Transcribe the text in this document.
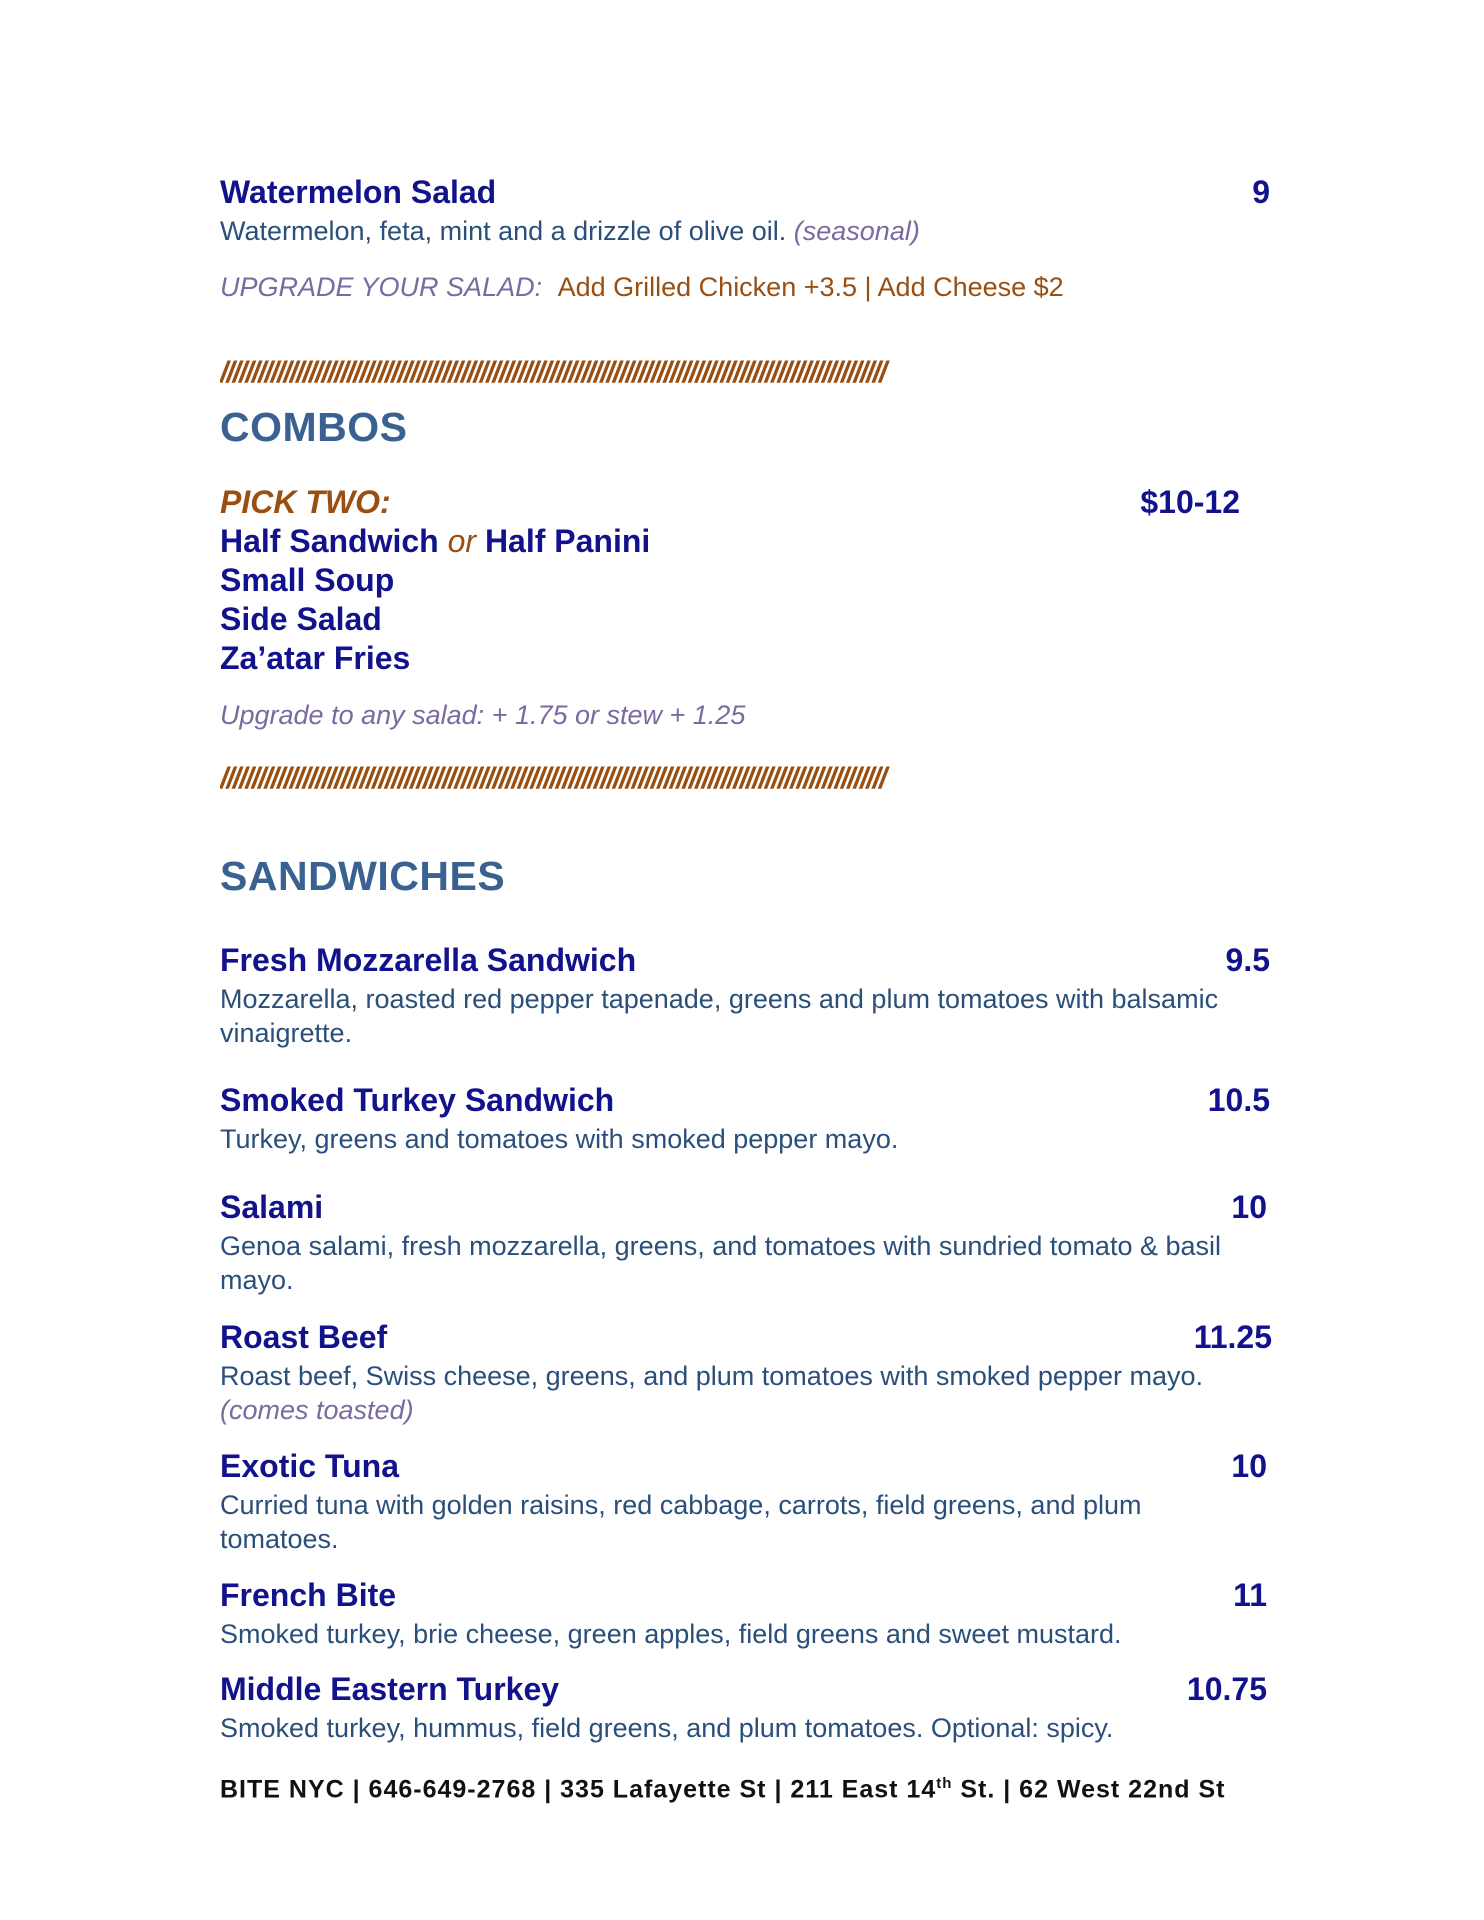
Watermelon Salad	9
Watermelon, feta, mint and a drizzle of olive oil. (seasonal)
UPGRADE YOUR SALAD: Add Grilled Chicken +3.5 | Add Cheese $2
/////////////////////////////////////////////////////////////////////////////////////////////////////////
COMBOS
PICK TWO:	$10-12
Half Sandwich or Half Panini
Small Soup
Side Salad
Za’atar Fries
Upgrade to any salad: + 1.75 or stew + 1.25
/////////////////////////////////////////////////////////////////////////////////////////////////////////
SANDWICHES
Fresh Mozzarella Sandwich	9.5
Mozzarella, roasted red pepper tapenade, greens and plum tomatoes with balsamic vinaigrette.
Smoked Turkey Sandwich	10.5
Turkey, greens and tomatoes with smoked pepper mayo.
Salami	10
Genoa salami, fresh mozzarella, greens, and tomatoes with sundried tomato & basil mayo.
Roast Beef	11.25
Roast beef, Swiss cheese, greens, and plum tomatoes with smoked pepper mayo. (comes toasted)
Exotic Tuna	10
Curried tuna with golden raisins, red cabbage, carrots, field greens, and plum tomatoes.
French Bite	11
Smoked turkey, brie cheese, green apples, field greens and sweet mustard.
Middle Eastern Turkey	10.75
Smoked turkey, hummus, field greens, and plum tomatoes. Optional: spicy.
BITE NYC | 646-649-2768 | 335 Lafayette St | 211 East 14th St. | 62 West 22nd St
